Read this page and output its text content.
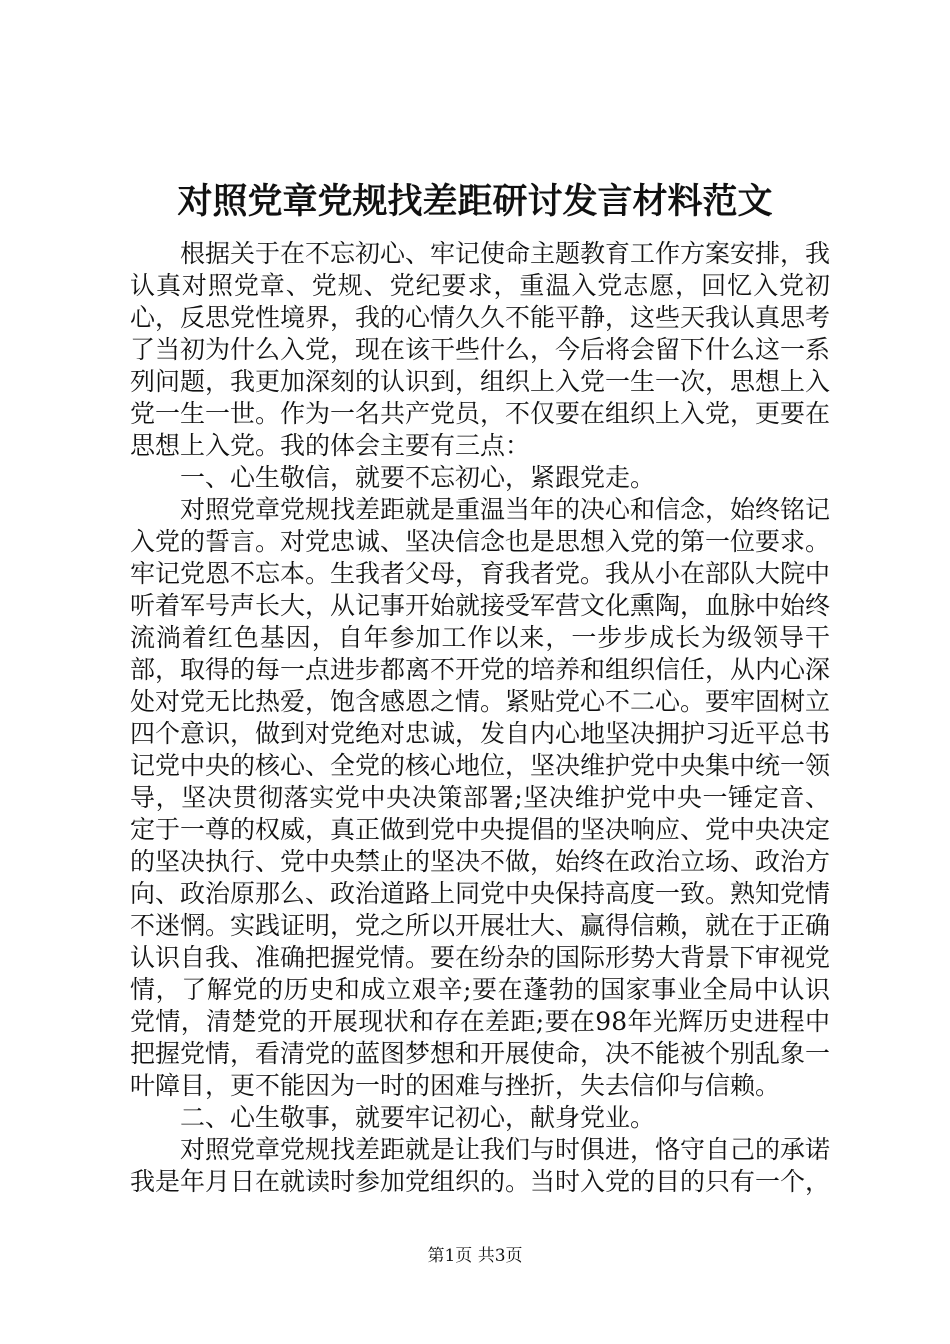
对照党章党规找差距研讨发言材料范文

根据关于在不忘初心、牢记使命主题教育工作方案安排，我认真对照党章、党规、党纪要求，重温入党志愿，回忆入党初心，反思党性境界，我的心情久久不能平静，这些天我认真思考了当初为什么入党，现在该干些什么，今后将会留下什么这一系列问题，我更加深刻的认识到，组织上入党一生一次，思想上入党一生一世。作为一名共产党员，不仅要在组织上入党，更要在思想上入党。我的体会主要有三点：

一、心生敬信，就要不忘初心，紧跟党走。

对照党章党规找差距就是重温当年的决心和信念，始终铭记入党的誓言。对党忠诚、坚决信念也是思想入党的第一位要求。牢记党恩不忘本。生我者父母，育我者党。我从小在部队大院中听着军号声长大，从记事开始就接受军营文化熏陶，血脉中始终流淌着红色基因，自年参加工作以来，一步步成长为级领导干部，取得的每一点进步都离不开党的培养和组织信任，从内心深处对党无比热爱，饱含感恩之情。紧贴党心不二心。要牢固树立四个意识，做到对党绝对忠诚，发自内心地坚决拥护习近平总书记党中央的核心、全党的核心地位，坚决维护党中央集中统一领导，坚决贯彻落实党中央决策部署;坚决维护党中央一锤定音、定于一尊的权威，真正做到党中央提倡的坚决响应、党中央决定的坚决执行、党中央禁止的坚决不做，始终在政治立场、政治方向、政治原那么、政治道路上同党中央保持高度一致。熟知党情不迷惘。实践证明，党之所以开展壮大、赢得信赖，就在于正确认识自我、准确把握党情。要在纷杂的国际形势大背景下审视党情，了解党的历史和成立艰辛;要在蓬勃的国家事业全局中认识党情，清楚党的开展现状和存在差距;要在98年光辉历史进程中把握党情，看清党的蓝图梦想和开展使命，决不能被个别乱象一叶障目，更不能因为一时的困难与挫折，失去信仰与信赖。

二、心生敬事，就要牢记初心，献身党业。

对照党章党规找差距就是让我们与时俱进，恪守自己的承诺我是年月日在就读时参加党组织的。当时入党的目的只有一个，

第1页 共3页
